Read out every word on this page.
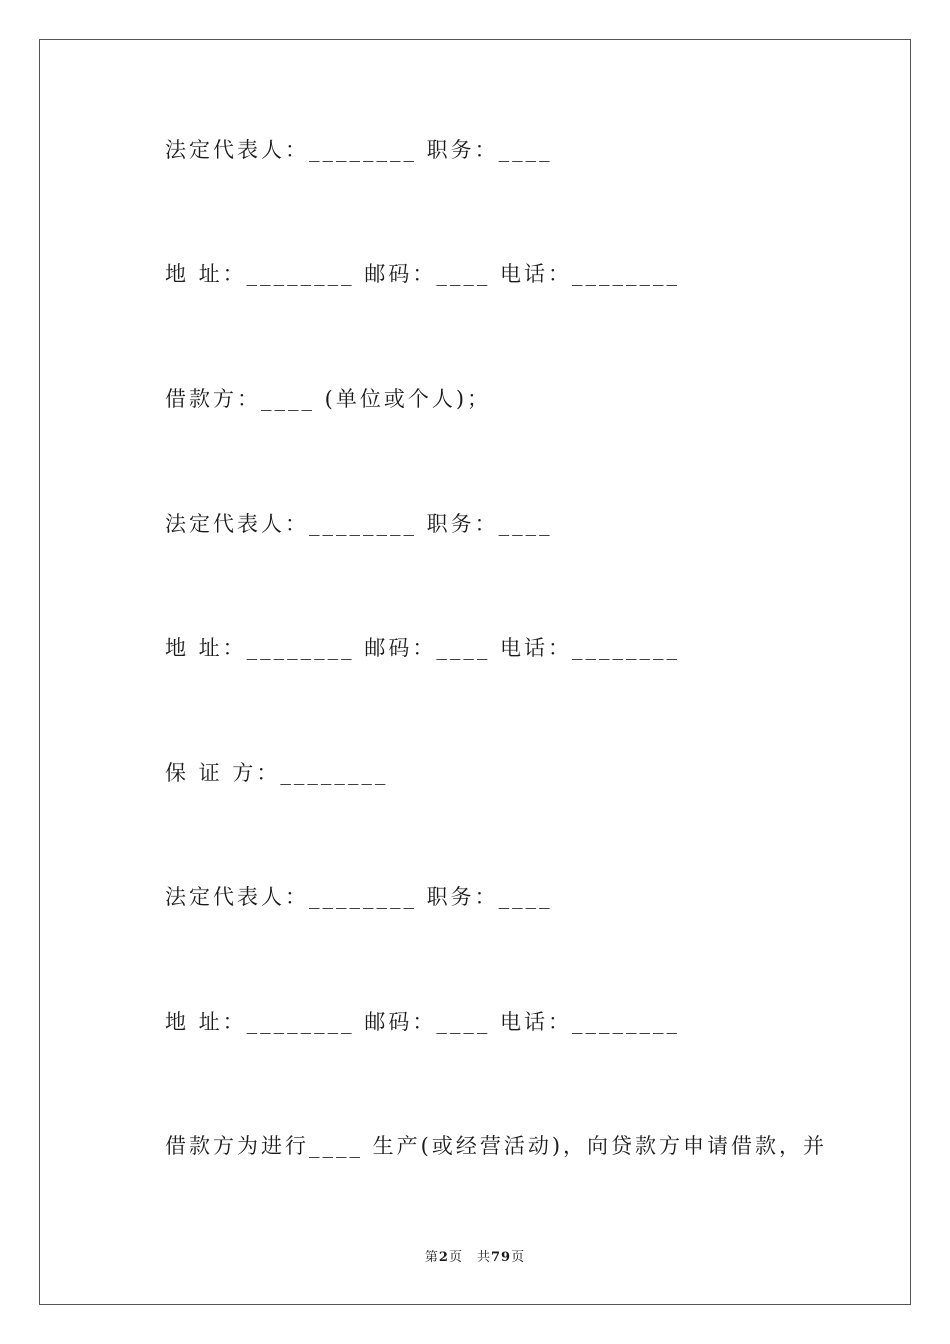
法定代表人：________ 职务：____
地 址：________ 邮码：____ 电话：________
借款方：____ (单位或个人)；
法定代表人：________ 职务：____
地 址：________ 邮码：____ 电话：________
保 证 方：________
法定代表人：________ 职务：____
地 址：________ 邮码：____ 电话：________
借款方为进行____ 生产(或经营活动)，向贷款方申请借款，并
第2页　共79页
